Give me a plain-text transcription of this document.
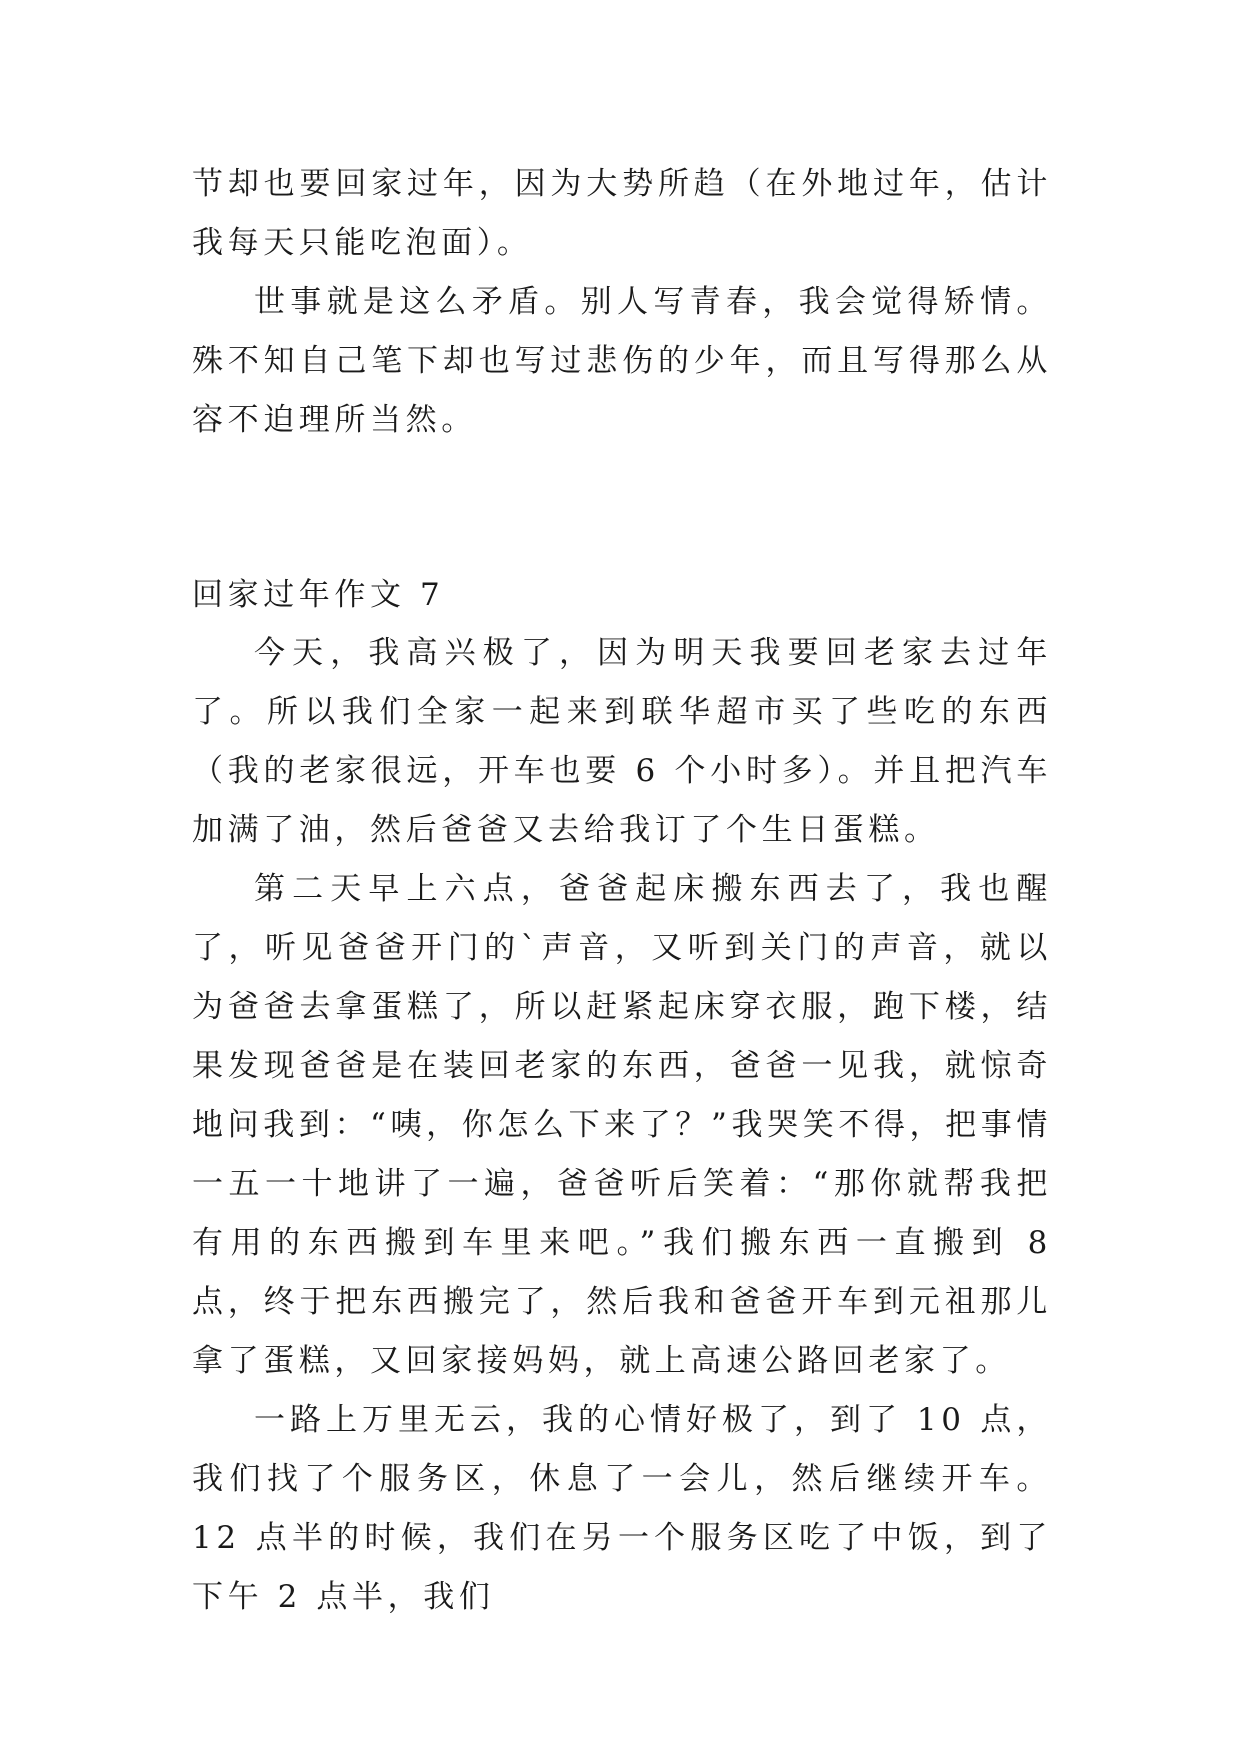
节却也要回家过年，因为大势所趋（在外地过年，估计我每天只能吃泡面）。

世事就是这么矛盾。别人写青春，我会觉得矫情。殊不知自己笔下却也写过悲伤的少年，而且写得那么从容不迫理所当然。

回家过年作文 7

今天，我高兴极了，因为明天我要回老家去过年了。所以我们全家一起来到联华超市买了些吃的东西（我的老家很远，开车也要 6 个小时多）。并且把汽车加满了油，然后爸爸又去给我订了个生日蛋糕。

第二天早上六点，爸爸起床搬东西去了，我也醒了，听见爸爸开门的`声音，又听到关门的声音，就以为爸爸去拿蛋糕了，所以赶紧起床穿衣服，跑下楼，结果发现爸爸是在装回老家的东西，爸爸一见我，就惊奇地问我到：“咦，你怎么下来了？”我哭笑不得，把事情一五一十地讲了一遍，爸爸听后笑着：“那你就帮我把有用的东西搬到车里来吧。”我们搬东西一直搬到 8 点，终于把东西搬完了，然后我和爸爸开车到元祖那儿拿了蛋糕，又回家接妈妈，就上高速公路回老家了。

一路上万里无云，我的心情好极了，到了 10 点，我们找了个服务区，休息了一会儿，然后继续开车。12 点半的时候，我们在另一个服务区吃了中饭，到了下午 2 点半，我们
